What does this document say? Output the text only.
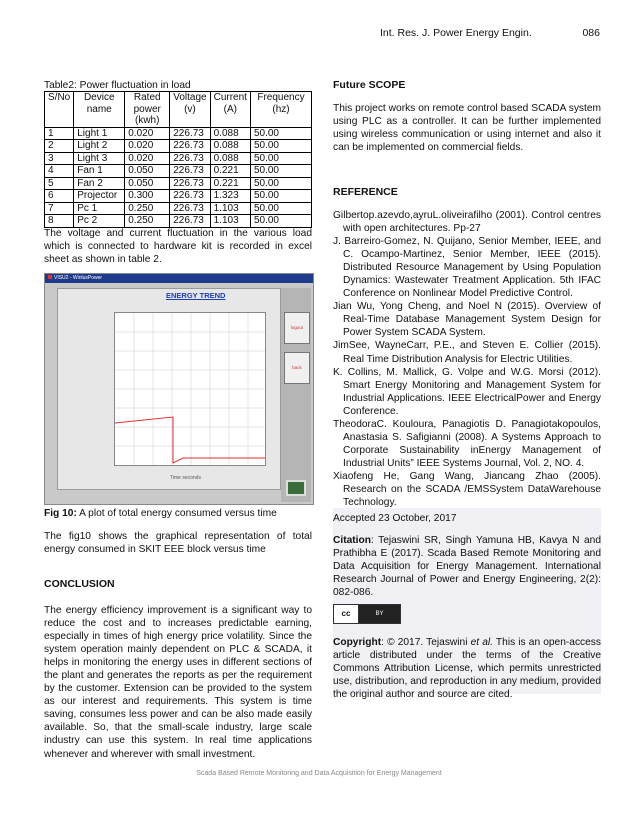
Int. Res. J. Power Energy Engin.	086
Table2: Power fluctuation in load
S/No	Device name	Rated power (kwh)	Voltage (v)	Current (A)	Frequency (hz)
1	Light 1	0.020	226.73	0.088	50.00
2	Light 2	0.020	226.73	0.088	50.00
3	Light 3	0.020	226.73	0.088	50.00
4	Fan 1	0.050	226.73	0.221	50.00
5	Fan 2	0.050	226.73	0.221	50.00
6	Projector	0.300	226.73	1.323	50.00
7	Pc 1	0.250	226.73	1.103	50.00
8	Pc 2	0.250	226.73	1.103	50.00

The voltage and current fluctuation in the various load which is connected to hardware kit is recorded in excel sheet as shown in table 2.

VISU2 - WinlusPower
ENERGY TREND
Time seconds
logout
back

Fig 10: A plot of total energy consumed versus time

The fig10 shows the graphical representation of total energy consumed in SKIT EEE block versus time

CONCLUSION

The energy efficiency improvement is a significant way to reduce the cost and to increases predictable earning, especially in times of high energy price volatility. Since the system operation mainly dependent on PLC & SCADA, it helps in monitoring the energy uses in different sections of the plant and generates the reports as per the requirement by the customer. Extension can be provided to the system as our interest and requirements. This system is time saving, consumes less power and can be also made easily available. So, that the small-scale industry, large scale industry can use this system. In real time applications whenever and wherever with small investment.

Future SCOPE

This project works on remote control based SCADA system using PLC as a controller. It can be further implemented using wireless communication or using internet and also it can be implemented on commercial fields.

REFERENCE

Gilbertop.azevdo,ayruL.oliveirafilho (2001). Control centres with open architectures. Pp-27

J. Barreiro-Gomez, N. Quijano, Senior Member, IEEE, and C. Ocampo-Martinez, Senior Member, IEEE (2015). Distributed Resource Management by Using Population Dynamics: Wastewater Treatment Application. 5th IFAC Conference on Nonlinear Model Predictive Control.

Jian Wu, Yong Cheng, and Noel N (2015). Overview of Real-Time Database Management System Design for Power System SCADA System.

JimSee, WayneCarr, P.E., and Steven E. Collier (2015). Real Time Distribution Analysis for Electric Utilities.

K. Collins, M. Mallick, G. Volpe and W.G. Morsi (2012). Smart Energy Monitoring and Management System for Industrial Applications. IEEE ElectricalPower and Energy Conference.

TheodoraC. Kouloura, Panagiotis D. Panagiotakopoulos, Anastasia S. Safigianni (2008). A Systems Approach to Corporate Sustainability inEnergy Management of Industrial Units” IEEE Systems Journal, Vol. 2, NO. 4.

Xiaofeng He, Gang Wang, Jiancang Zhao (2005). Research on the SCADA /EMSSystem DataWarehouse Technology.

Accepted 23 October, 2017

Citation: Tejaswini SR, Singh Yamuna HB, Kavya N and Prathibha E (2017). Scada Based Remote Monitoring and Data Acquisition for Energy Management. International Research Journal of Power and Energy Engineering, 2(2): 082-086.

cc	BY

Copyright: © 2017. Tejaswini et al. This is an open-access article distributed under the terms of the Creative Commons Attribution License, which permits unrestricted use, distribution, and reproduction in any medium, provided the original author and source are cited.

Scada Based Remote Monitoring and Data Acquisition for Energy Management
